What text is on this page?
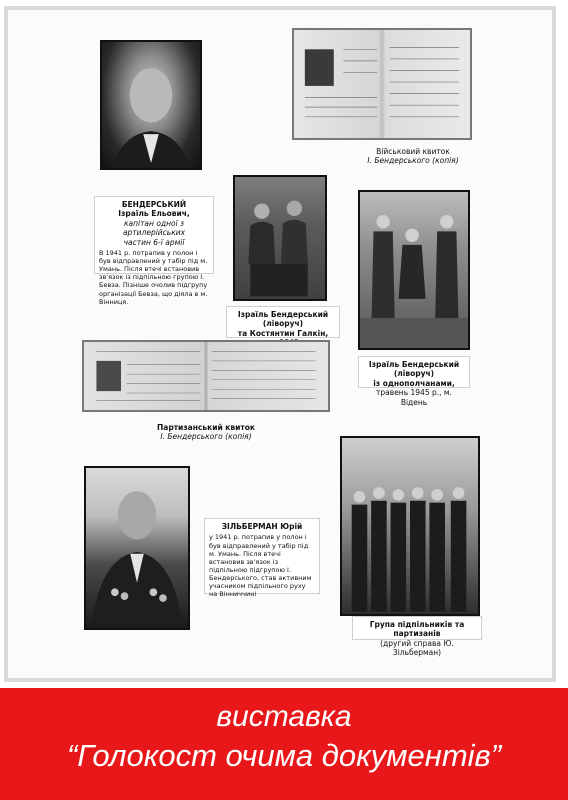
Військовий квиток
І. Бендерського (копія)
БЕНДЕРСЬКИЙ
Ізраїль Ельович,
капітан одної з артилерійських
частин 6-ї армії
В 1941 р. потрапив у полон і був відправлений у табір під м. Умань. Після втечі встановив зв'язок із підпільною групою І. Бевза. Пізніше очолив підгрупу організації Бевза, що діяла в м. Вінниця.
Ізраїль Бендерський (ліворуч)
та Костянтин Галкін,
Ізраїль Бендерський (ліворуч)
із однополчанами,
травень 1945 р., м. Відень
Партизанський квиток
І. Бендерського (копія)
ЗІЛЬБЕРМАН Юрій
у 1941 р. потрапив у полон і був відправлений у табір під м. Умань. Після втечі встановив зв'язок із підпільною підгрупою І. Бендерського, став активним учасником підпільного руху на Вінниччині
Група підпільників та партизанів
(другий справа Ю. Зільберман)
виставка
“Голокост очима документів”
